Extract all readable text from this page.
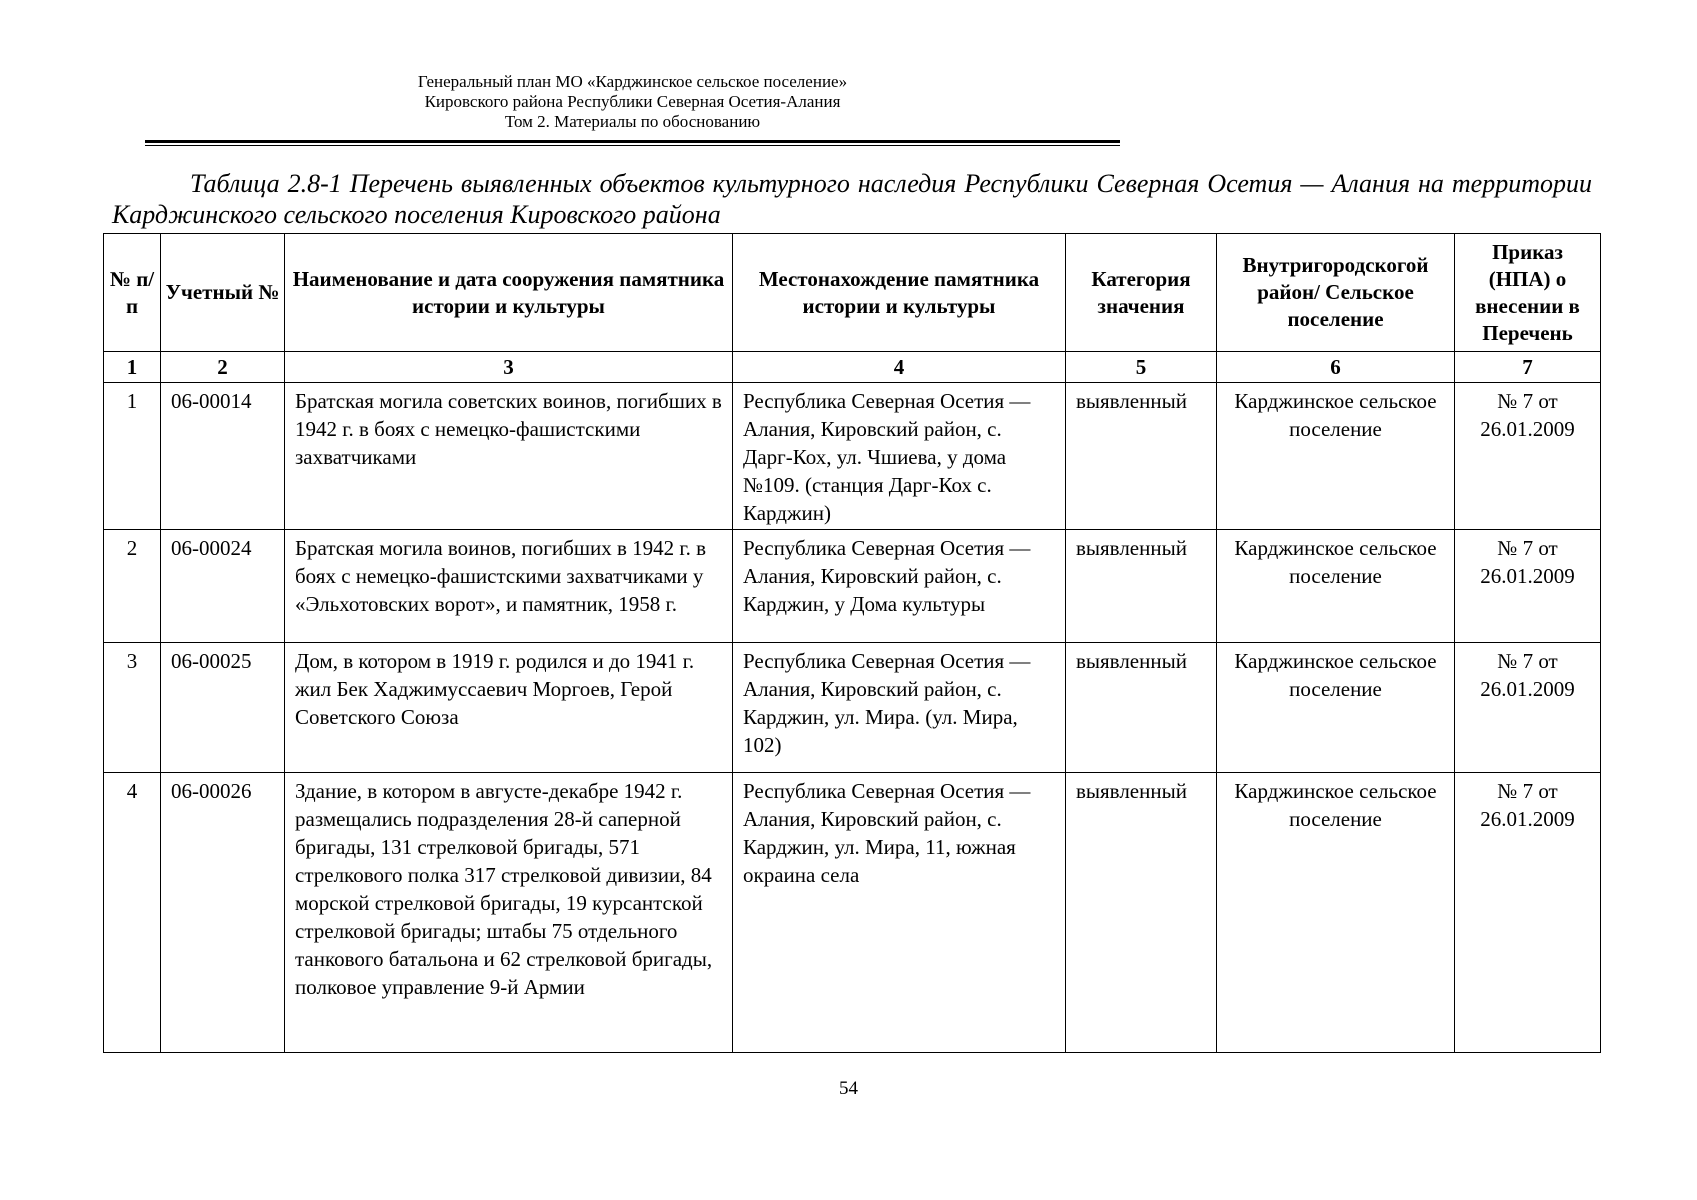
Генеральный план МО «Карджинское сельское поселение»
Кировского района Республики Северная Осетия-Алания
Том 2. Материалы по обоснованию
Таблица 2.8-1 Перечень выявленных объектов культурного наследия Республики Северная Осетия — Алания на территории Карджинского сельского поселения Кировского района
№ п/п	Учетный №	Наименование и дата сооружения памятника истории и культуры	Местонахождение памятника истории и культуры	Категория значения	Внутригородскогой район/ Сельское поселение	Приказ (НПА) о внесении в Перечень
1	2	3	4	5	6	7
1	06-00014	Братская могила советских воинов, погибших в 1942 г. в боях с немецко-фашистскими захватчиками	Республика Северная Осетия — Алания, Кировский район, с. Дарг-Кох, ул. Чшиева, у дома №109. (станция Дарг-Кох с. Карджин)	выявленный	Карджинское сельское поселение	№ 7 от 26.01.2009
2	06-00024	Братская могила воинов, погибших в 1942 г. в боях с немецко-фашистскими захватчиками у «Эльхотовских ворот», и памятник, 1958 г.	Республика Северная Осетия — Алания, Кировский район, с. Карджин, у Дома культуры	выявленный	Карджинское сельское поселение	№ 7 от 26.01.2009
3	06-00025	Дом, в котором в 1919 г. родился и до 1941 г. жил Бек Хаджимуссаевич Моргоев, Герой Советского Союза	Республика Северная Осетия — Алания, Кировский район, с. Карджин, ул. Мира. (ул. Мира, 102)	выявленный	Карджинское сельское поселение	№ 7 от 26.01.2009
4	06-00026	Здание, в котором в августе-декабре 1942 г. размещались подразделения 28-й саперной бригады, 131 стрелковой бригады, 571 стрелкового полка 317 стрелковой дивизии, 84 морской стрелковой бригады, 19 курсантской стрелковой бригады; штабы 75 отдельного танкового батальона и 62 стрелковой бригады, полковое управление 9-й Армии	Республика Северная Осетия — Алания, Кировский район, с. Карджин, ул. Мира, 11, южная окраина села	выявленный	Карджинское сельское поселение	№ 7 от 26.01.2009
54
